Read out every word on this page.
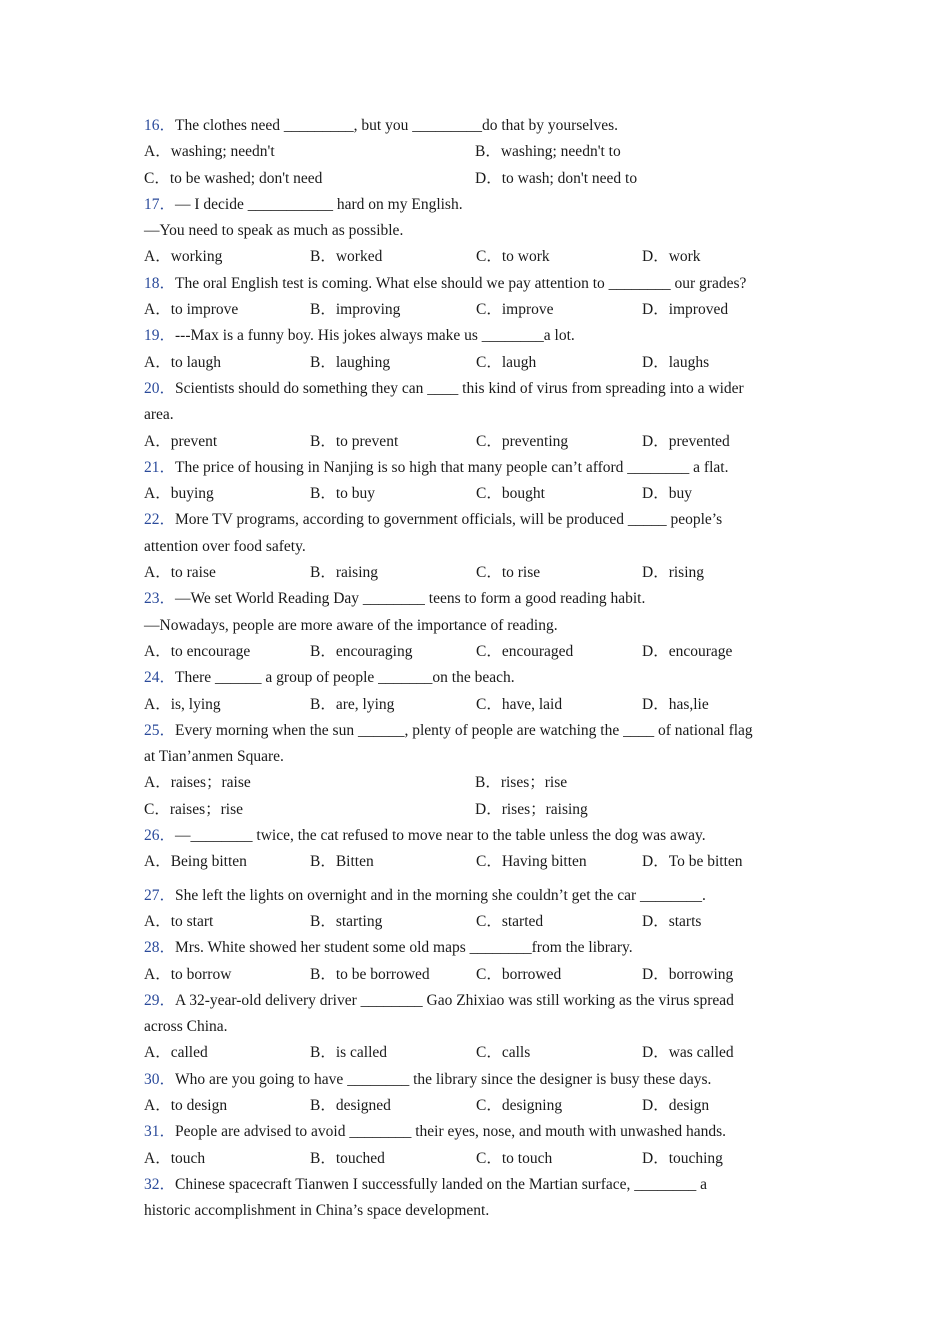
16．The clothes need _________, but you _________do that by yourselves.
A．washing; needn't	B．washing; needn't to
C．to be washed; don't need	D．to wash; don't need to
17．— I decide ___________ hard on my English.
—You need to speak as much as possible.
A．working	B．worked	C．to work	D．work
18．The oral English test is coming. What else should we pay attention to ________ our grades?
A．to improve	B．improving	C．improve	D．improved
19．---Max is a funny boy. His jokes always make us ________a lot.
A．to laugh	B．laughing	C．laugh	D．laughs
20．Scientists should do something they can ____ this kind of virus from spreading into a wider
area.
A．prevent	B．to prevent	C．preventing	D．prevented
21．The price of housing in Nanjing is so high that many people can’t afford ________ a flat.
A．buying	B．to buy	C．bought	D．buy
22．More TV programs, according to government officials, will be produced _____ people’s
attention over food safety.
A．to raise	B．raising	C．to rise	D．rising
23．—We set World Reading Day ________ teens to form a good reading habit.
—Nowadays, people are more aware of the importance of reading.
A．to encourage	B．encouraging	C．encouraged	D．encourage
24．There ______ a group of people _______on the beach.
A．is, lying	B．are, lying	C．have, laid	D．has,lie
25．Every morning when the sun ______, plenty of people are watching the ____ of national flag
at Tian’anmen Square.
A．raises；raise	B．rises；rise
C．raises；rise	D．rises；raising
26．—________ twice, the cat refused to move near to the table unless the dog was away.
A．Being bitten	B．Bitten	C．Having bitten	D．To be bitten
27．She left the lights on overnight and in the morning she couldn’t get the car ________.
A．to start	B．starting	C．started	D．starts
28．Mrs. White showed her student some old maps ________from the library.
A．to borrow	B．to be borrowed	C．borrowed	D．borrowing
29．A 32-year-old delivery driver ________ Gao Zhixiao was still working as the virus spread
across China.
A．called	B．is called	C．calls	D．was called
30．Who are you going to have ________ the library since the designer is busy these days.
A．to design	B．designed	C．designing	D．design
31．People are advised to avoid ________ their eyes, nose, and mouth with unwashed hands.
A．touch	B．touched	C．to touch	D．touching
32．Chinese spacecraft Tianwen I successfully landed on the Martian surface, ________ a
historic accomplishment in China’s space development.
